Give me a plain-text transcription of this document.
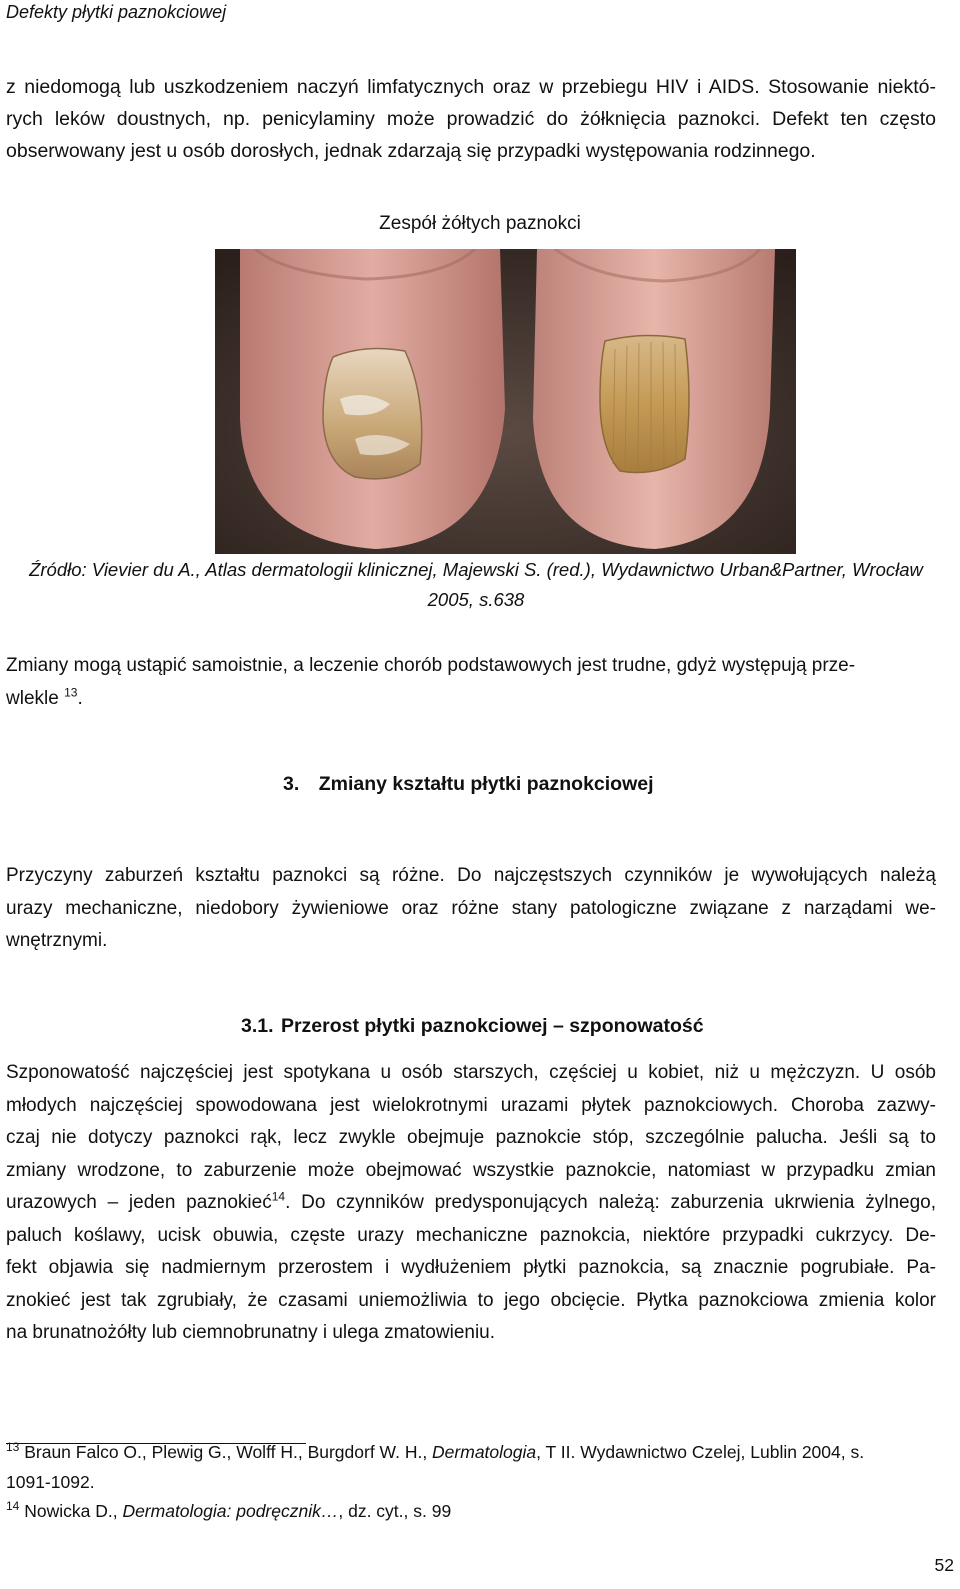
Defekty płytki paznokciowej
z niedomogą lub uszkodzeniem naczyń limfatycznych oraz w przebiegu HIV i AIDS. Stosowanie niektó-
rych leków doustnych, np. penicylaminy może prowadzić do żółknięcia paznokci. Defekt ten często
obserwowany jest u osób dorosłych, jednak zdarzają się przypadki występowania rodzinnego.
Zespół żółtych paznokci
Źródło: Vievier du A., Atlas dermatologii klinicznej, Majewski S. (red.), Wydawnictwo Urban&Partner, Wrocław
2005, s.638
Zmiany mogą ustąpić samoistnie, a leczenie chorób podstawowych jest trudne, gdyż występują prze-
wlekle $^{13}$.
3. Zmiany kształtu płytki paznokciowej
Przyczyny zaburzeń kształtu paznokci są różne. Do najczęstszych czynników je wywołujących należą
urazy mechaniczne, niedobory żywieniowe oraz różne stany patologiczne związane z narządami we-
wnętrznymi.
3.1. Przerost płytki paznokciowej – szponowatość
Szponowatość najczęściej jest spotykana u osób starszych, częściej u kobiet, niż u mężczyzn. U osób
młodych najczęściej spowodowana jest wielokrotnymi urazami płytek paznokciowych. Choroba zazwy-
czaj nie dotyczy paznokci rąk, lecz zwykle obejmuje paznokcie stóp, szczególnie palucha. Jeśli są to
zmiany wrodzone, to zaburzenie może obejmować wszystkie paznokcie, natomiast w przypadku zmian
urazowych – jeden paznokieć$^{14}$. Do czynników predysponujących należą: zaburzenia ukrwienia żylnego,
paluch koślawy, ucisk obuwia, częste urazy mechaniczne paznokcia, niektóre przypadki cukrzycy. De-
fekt objawia się nadmiernym przerostem i wydłużeniem płytki paznokcia, są znacznie pogrubiałe. Pa-
znokieć jest tak zgrubiały, że czasami uniemożliwia to jego obcięcie. Płytka paznokciowa zmienia kolor
na brunatnożółty lub ciemnobrunatny i ulega zmatowieniu.
$^{13}$ Braun Falco O., Plewig G., Wolff H., Burgdorf W. H., Dermatologia, T II. Wydawnictwo Czelej, Lublin 2004, s.
1091-1092.
$^{14}$ Nowicka D., Dermatologia: podręcznik…, dz. cyt., s. 99
52
